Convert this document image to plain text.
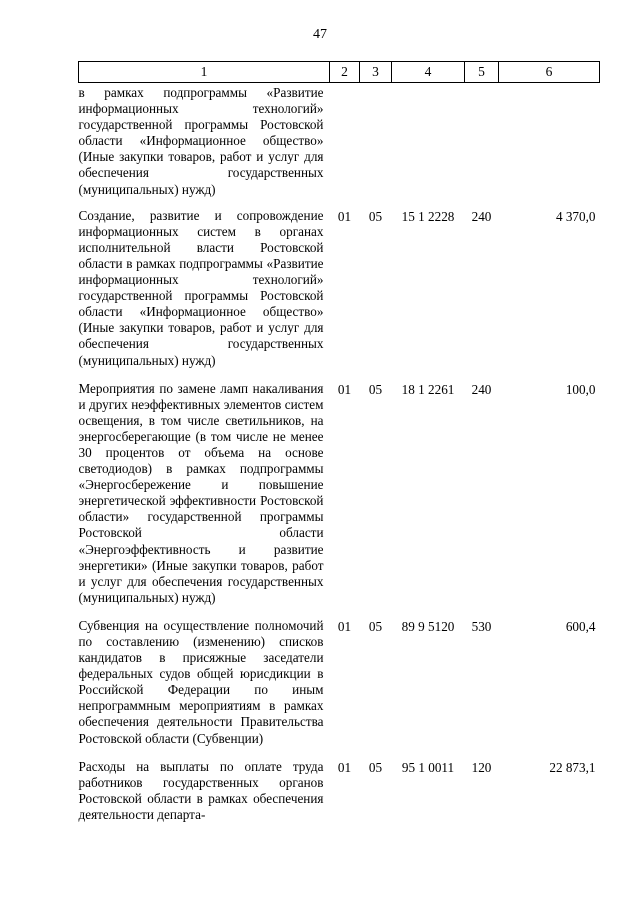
47
1	2	3	4	5	6
в рамках подпрограммы «Развитие информационных технологий» государственной программы Ростовской области «Информационное общество» (Иные закупки товаров, работ и услуг для обеспечения государственных (муниципальных) нужд)					
Создание, развитие и сопровождение информационных систем в органах исполнительной власти Ростовской области в рамках подпрограммы «Развитие информационных технологий» государственной программы Ростовской области «Информационное общество» (Иные закупки товаров, работ и услуг для обеспечения государственных (муниципальных) нужд)	01	05	15 1 2228	240	4 370,0
Мероприятия по замене ламп накаливания и других неэффективных элементов систем освещения, в том числе светильников, на энергосберегающие (в том числе не менее 30 процентов от объема на основе светодиодов) в рамках подпрограммы «Энергосбережение и повышение энергетической эффективности Ростовской области» государственной программы Ростовской области «Энергоэффективность и развитие энергетики» (Иные закупки товаров, работ и услуг для обеспечения государственных (муниципальных) нужд)	01	05	18 1 2261	240	100,0
Субвенция на осуществление полномочий по составлению (изменению) списков кандидатов в присяжные заседатели федеральных судов общей юрисдикции в Российской Федерации по иным непрограммным мероприятиям в рамках обеспечения деятельности Правительства Ростовской области (Субвенции)	01	05	89 9 5120	530	600,4
Расходы на выплаты по оплате труда работников государственных органов Ростовской области в рамках обеспечения деятельности департа-	01	05	95 1 0011	120	22 873,1
